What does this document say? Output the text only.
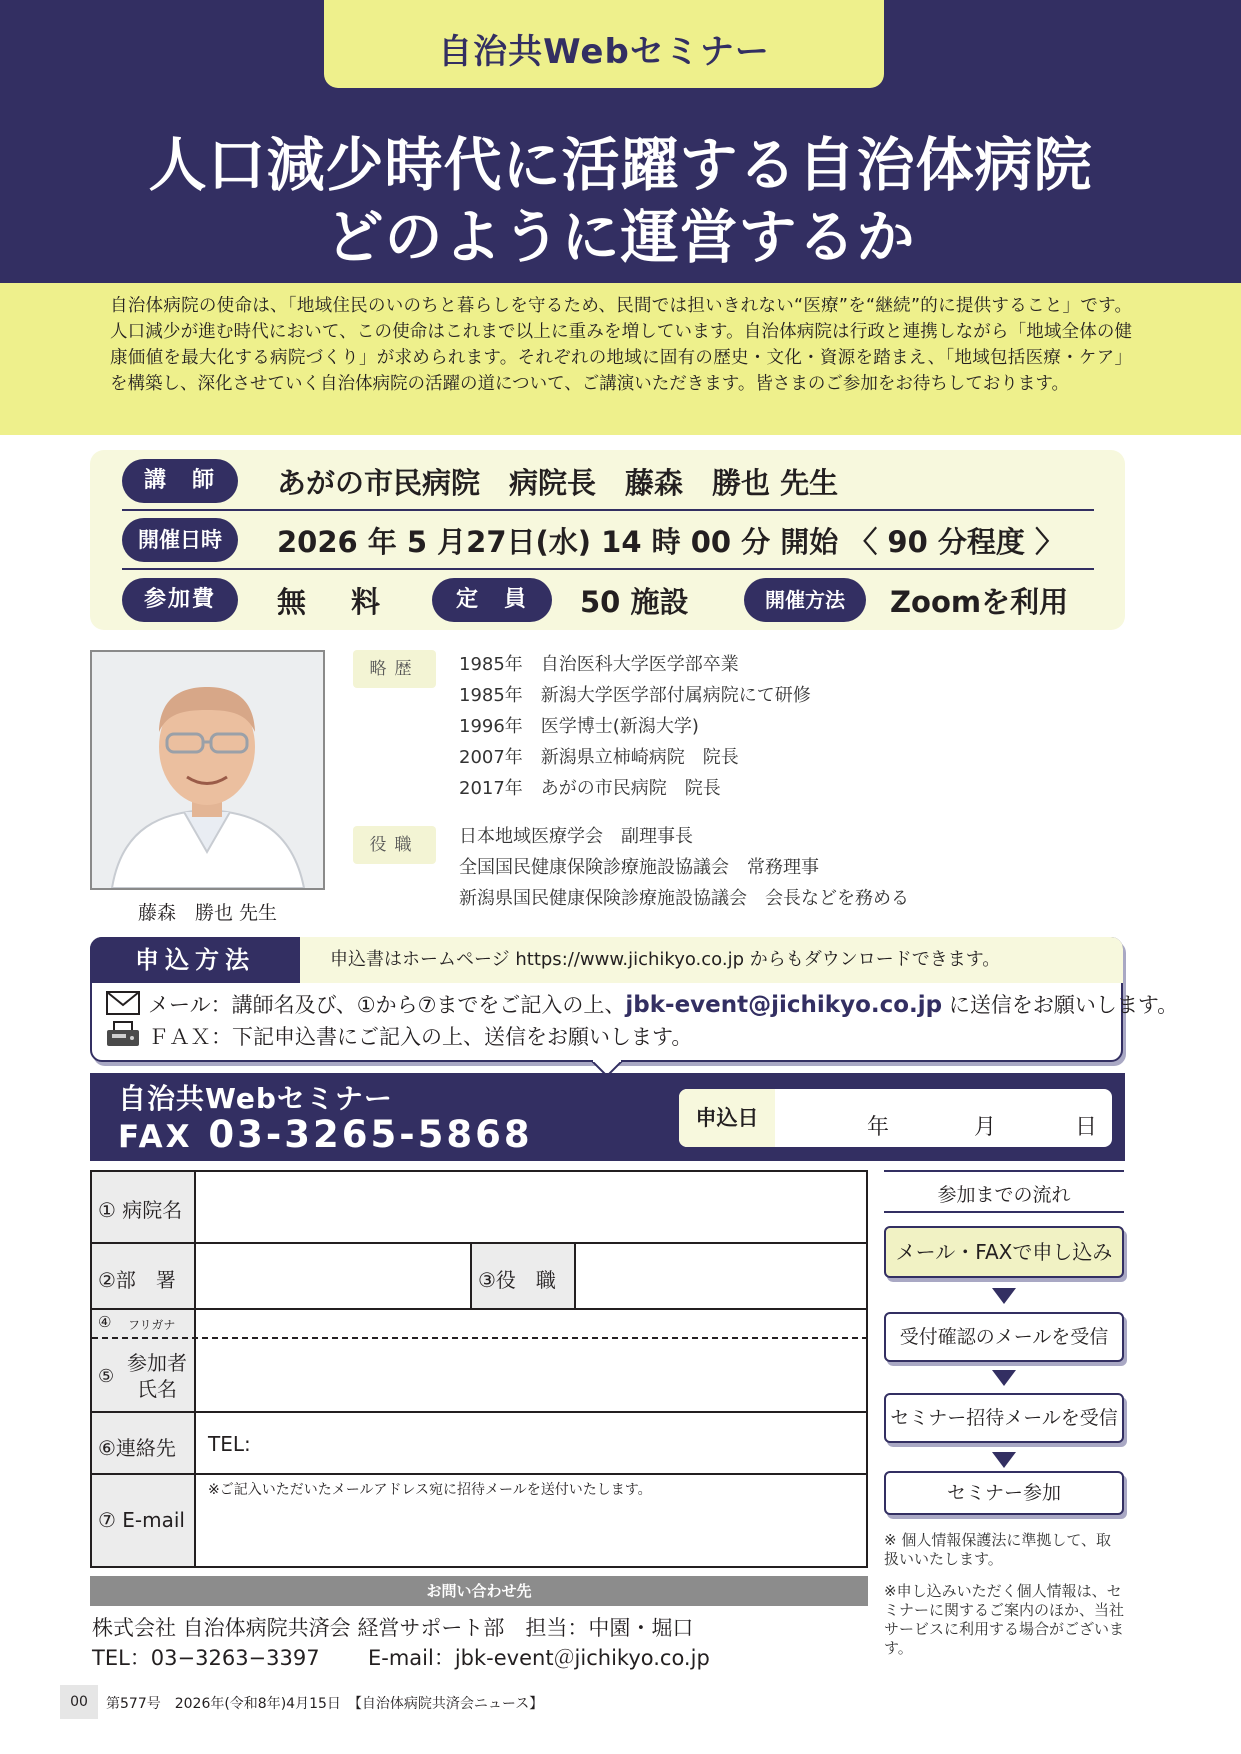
自治共Webセミナー
人口減少時代に活躍する自治体病院
どのように運営するか
自治体病院の使命は、「地域住民のいのちと暮らしを守るため、民間では担いきれない“医療”を“継続”的に提供すること」です。人口減少が進む時代において、この使命はこれまで以上に重みを増しています。自治体病院は行政と連携しながら「地域全体の健康価値を最大化する病院づくり」が求められます。それぞれの地域に固有の歴史・文化・資源を踏まえ、「地域包括医療・ケア」を構築し、深化させていく自治体病院の活躍の道について、ご講演いただきます。皆さまのご参加をお待ちしております。
講　師	あがの市民病院　病院長　藤森　勝也 先生
開催日時	2026 年 5 月27日(水) 14 時 00 分 開始 〈 90 分程度 〉
参加費	無　料	定　員	50 施設	開催方法	Zoomを利用
藤森　勝也 先生
略歴	1985年　自治医科大学医学部卒業
1985年　新潟大学医学部付属病院にて研修
1996年　医学博士(新潟大学)
2007年　新潟県立柿崎病院　院長
2017年　あがの市民病院　院長
役職	日本地域医療学会　副理事長
全国国民健康保険診療施設協議会　常務理事
新潟県国民健康保険診療施設協議会　会長などを務める
申込方法	申込書はホームページ https://www.jichikyo.co.jp からもダウンロードできます。
メール：講師名及び、①から⑦までをご記入の上、jbk-event@jichikyo.co.jp に送信をお願いします。
ＦＡＸ：下記申込書にご記入の上、送信をお願いします。
自治共Webセミナー
FAX 03-3265-5868	申込日	年	月	日
① 病院名
②部　署	③役　職
④ フリガナ
⑤
参加者
氏名
⑥連絡先 TEL:
⑦ E-mail
※ご記入いただいたメールアドレス宛に招待メールを送付いたします。
参加までの流れ
メール・FAXで申し込み
受付確認のメールを受信
セミナー招待メールを受信
セミナー参加
※ 個人情報保護法に準拠して、取扱いいたします。
※申し込みいただく個人情報は、セミナーに関するご案内のほか、当社サービスに利用する場合がございます。
お問い合わせ先
株式会社 自治体病院共済会 経営サポート部　担当：中園・堀口
TEL：03−3263−3397 E-mail：jbk-event＠jichikyo.co.jp
00	第577号　2026年(令和8年)4月15日　【自治体病院共済会ニュース】
